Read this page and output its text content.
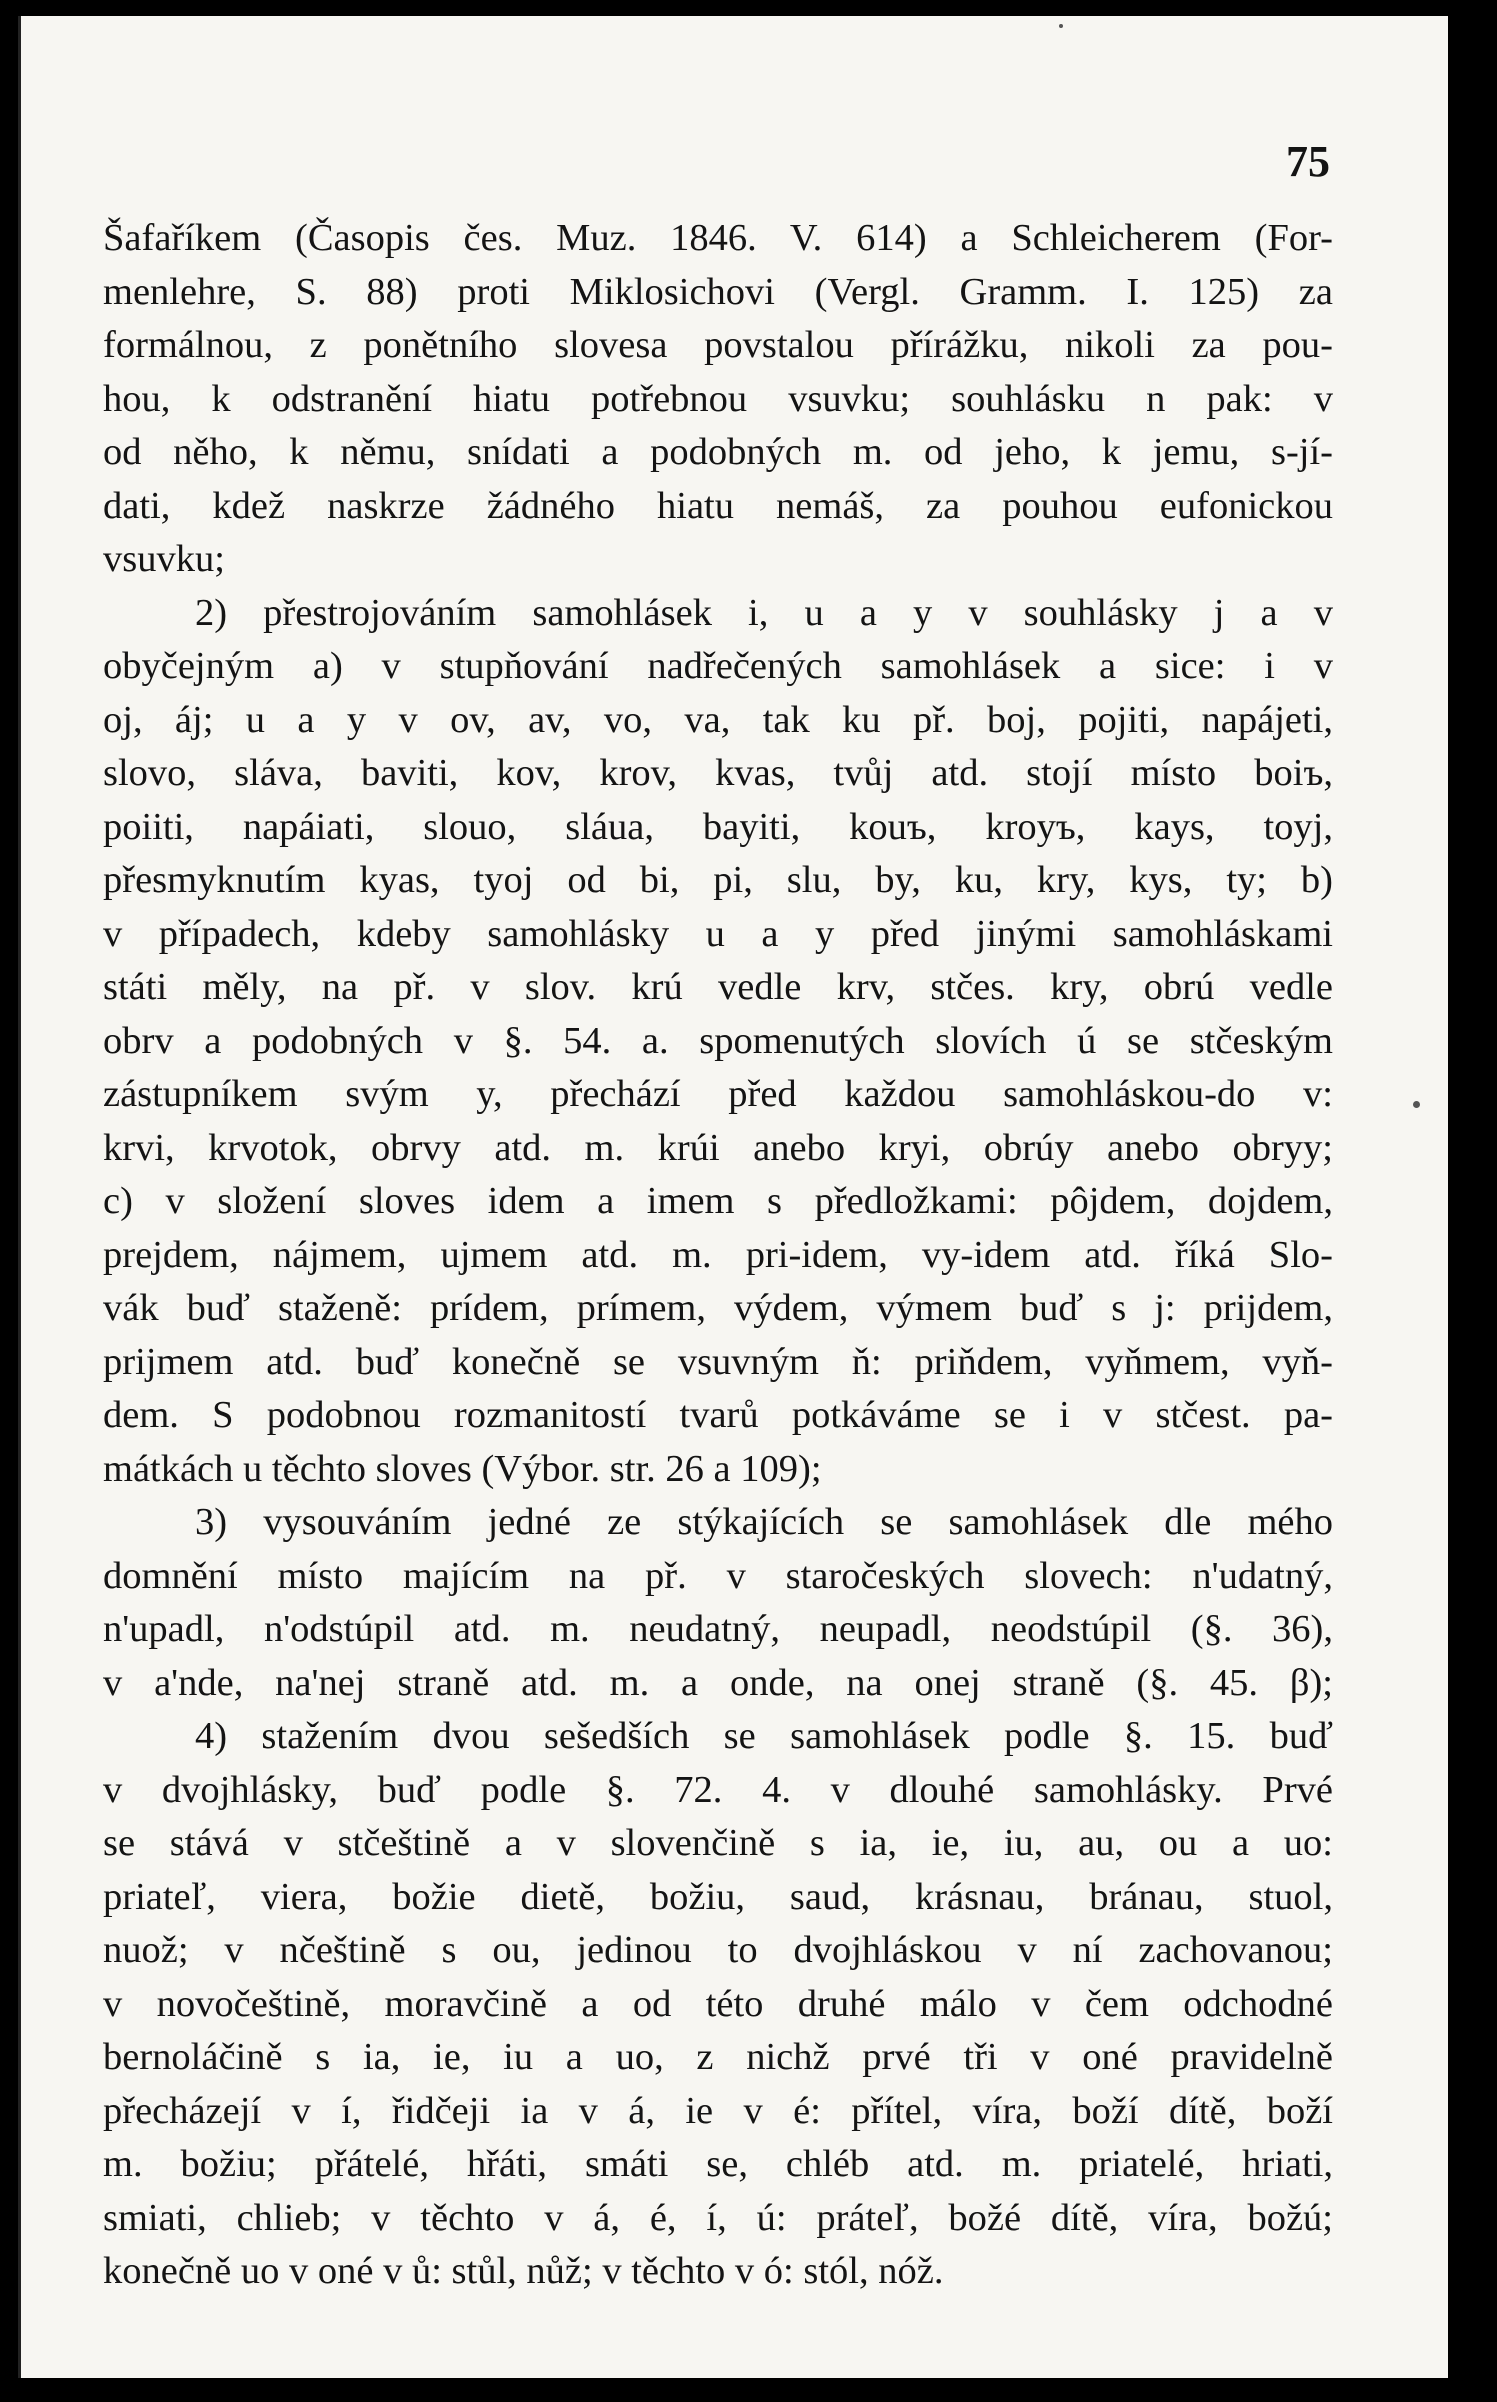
75
Šafaříkem (Časopis čes. Muz. 1846. V. 614) a Schleicherem (For-
menlehre, S. 88) proti Miklosichovi (Vergl. Gramm. I. 125) za
formálnou, z ponětního slovesa povstalou přírážku, nikoli za pou-
hou, k odstranění hiatu potřebnou vsuvku; souhlásku n pak: v
od něho, k němu, snídati a podobných m. od jeho, k jemu, s-jí-
dati, kdež naskrze žádného hiatu nemáš, za pouhou eufonickou
vsuvku;
2) přestrojováním samohlásek i, u a y v souhlásky j a v
obyčejným a) v stupňování nadřečených samohlásek a sice: i v
oj, áj; u a y v ov, av, vo, va, tak ku př. boj, pojiti, napájeti,
slovo, sláva, baviti, kov, krov, kvas, tvůj atd. stojí místo boiъ,
poiiti, napáiati, slouo, sláua, bayiti, kouъ, kroyъ, kays, toyj,
přesmyknutím kyas, tyoj od bi, pi, slu, by, ku, kry, kys, ty; b)
v případech, kdeby samohlásky u a y před jinými samohláskami
státi měly, na př. v slov. krú vedle krv, stčes. kry, obrú vedle
obrv a podobných v §. 54. a. spomenutých slovích ú se stčeským
zástupníkem svým y, přechází před každou samohláskou-do v:
krvi, krvotok, obrvy atd. m. krúi anebo kryi, obrúy anebo obryy;
c) v složení sloves idem a imem s předložkami: pôjdem, dojdem,
prejdem, nájmem, ujmem atd. m. pri-idem, vy-idem atd. říká Slo-
vák buď staženě: prídem, prímem, výdem, výmem buď s j: prijdem,
prijmem atd. buď konečně se vsuvným ň: priňdem, vyňmem, vyň-
dem. S podobnou rozmanitostí tvarů potkáváme se i v stčest. pa-
mátkách u těchto sloves (Výbor. str. 26 a 109);
3) vysouváním jedné ze stýkajících se samohlásek dle mého
domnění místo majícím na př. v staročeských slovech: n'udatný,
n'upadl, n'odstúpil atd. m. neudatný, neupadl, neodstúpil (§. 36),
v a'nde, na'nej straně atd. m. a onde, na onej straně (§. 45. β);
4) stažením dvou sešedších se samohlásek podle §. 15. buď
v dvojhlásky, buď podle §. 72. 4. v dlouhé samohlásky. Prvé
se stává v stčeštině a v slovenčině s ia, ie, iu, au, ou a uo:
priateľ, viera, božie dietě, božiu, saud, krásnau, bránau, stuol,
nuož; v nčeštině s ou, jedinou to dvojhláskou v ní zachovanou;
v novočeštině, moravčině a od této druhé málo v čem odchodné
bernoláčině s ia, ie, iu a uo, z nichž prvé tři v oné pravidelně
přecházejí v í, řidčeji ia v á, ie v é: přítel, víra, boží dítě, boží
m. božiu; přátelé, hřáti, smáti se, chléb atd. m. priatelé, hriati,
smiati, chlieb; v těchto v á, é, í, ú: práteľ, božé dítě, víra, božú;
konečně uo v oné v ů: stůl, nůž; v těchto v ó: stól, nóž.
